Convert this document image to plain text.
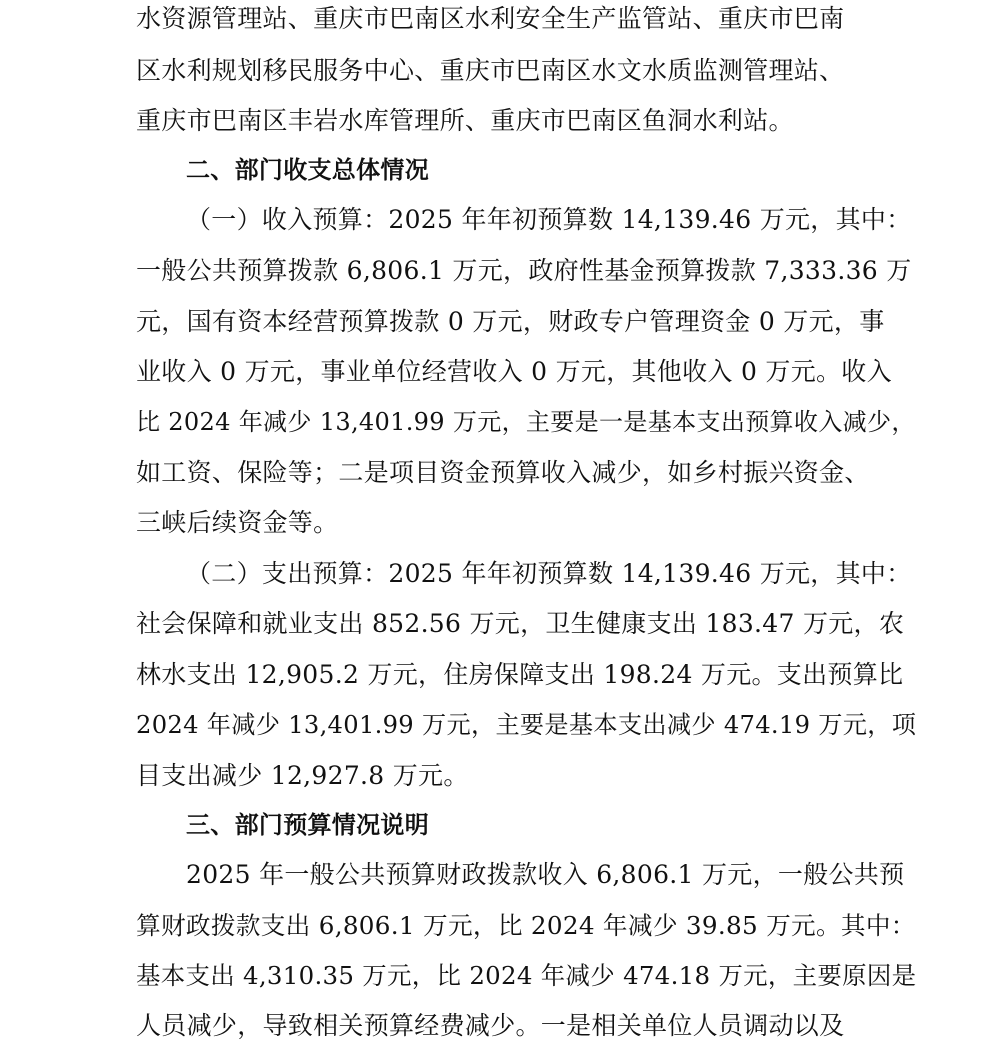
水资源管理站、重庆市巴南区水利安全生产监管站、重庆市巴南

区水利规划移民服务中心、重庆市巴南区水文水质监测管理站、

重庆市巴南区丰岩水库管理所、重庆市巴南区鱼洞水利站。

二、部门收支总体情况

（一）收入预算：2025 年年初预算数 14,139.46 万元，其中：

一般公共预算拨款 6,806.1 万元，政府性基金预算拨款 7,333.36 万

元，国有资本经营预算拨款 0 万元，财政专户管理资金 0 万元，事

业收入 0 万元，事业单位经营收入 0 万元，其他收入 0 万元。收入

比 2024 年减少 13,401.99 万元，主要是一是基本支出预算收入减少，

如工资、保险等；二是项目资金预算收入减少，如乡村振兴资金、

三峡后续资金等。

（二）支出预算：2025 年年初预算数 14,139.46 万元，其中：

社会保障和就业支出 852.56 万元，卫生健康支出 183.47 万元，农

林水支出 12,905.2 万元，住房保障支出 198.24 万元。支出预算比

2024 年减少 13,401.99 万元，主要是基本支出减少 474.19 万元，项

目支出减少 12,927.8 万元。

三、部门预算情况说明

2025 年一般公共预算财政拨款收入 6,806.1 万元，一般公共预

算财政拨款支出 6,806.1 万元，比 2024 年减少 39.85 万元。其中：

基本支出 4,310.35 万元，比 2024 年减少 474.18 万元，主要原因是

人员减少，导致相关预算经费减少。一是相关单位人员调动以及
